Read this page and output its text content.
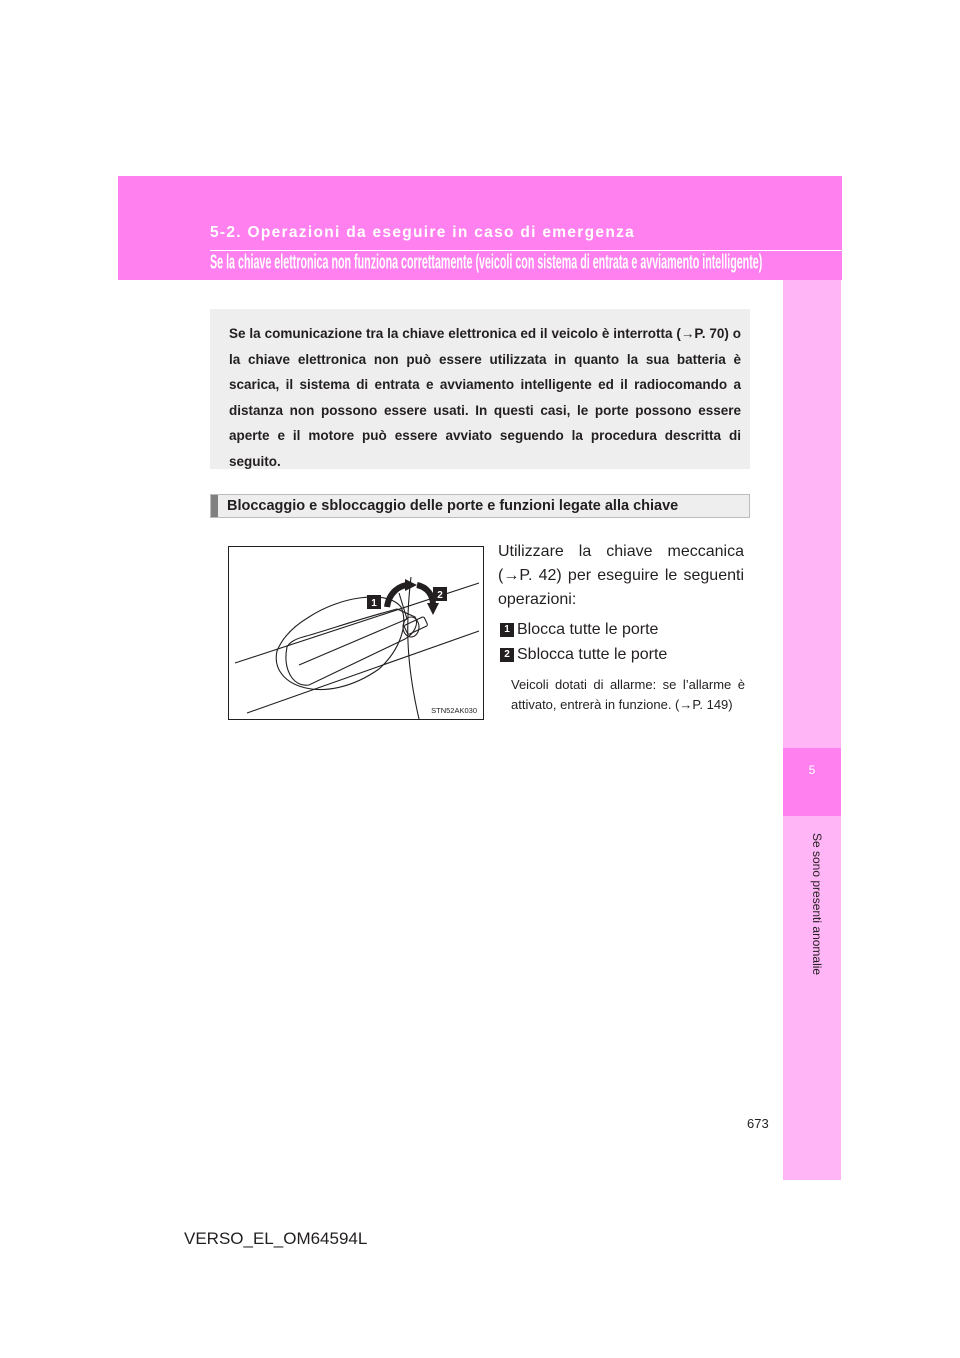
5-2. Operazioni da eseguire in caso di emergenza
Se la chiave elettronica non funziona correttamente (veicoli con sistema di entrata e avviamento intelligente)
5
Se sono presenti anomalie

Se la comunicazione tra la chiave elettronica ed il veicolo è interrotta (→P. 70) o la chiave elettronica non può essere utilizzata in quanto la sua batteria è scarica, il sistema di entrata e avviamento intelligente ed il radiocomando a distanza non possono essere usati. In questi casi, le porte possono essere aperte e il motore può essere avviato seguendo la procedura descritta di seguito.

Bloccaggio e sbloccaggio delle porte e funzioni legate alla chiave
1
2
STN52AK030

Utilizzare la chiave meccanica (→P. 42) per eseguire le seguenti operazioni:

1 Blocca tutte le porte
2 Sblocca tutte le porte

Veicoli dotati di allarme: se l’allarme è attivato, entrerà in funzione. (→P. 149)

673
VERSO_EL_OM64594L
